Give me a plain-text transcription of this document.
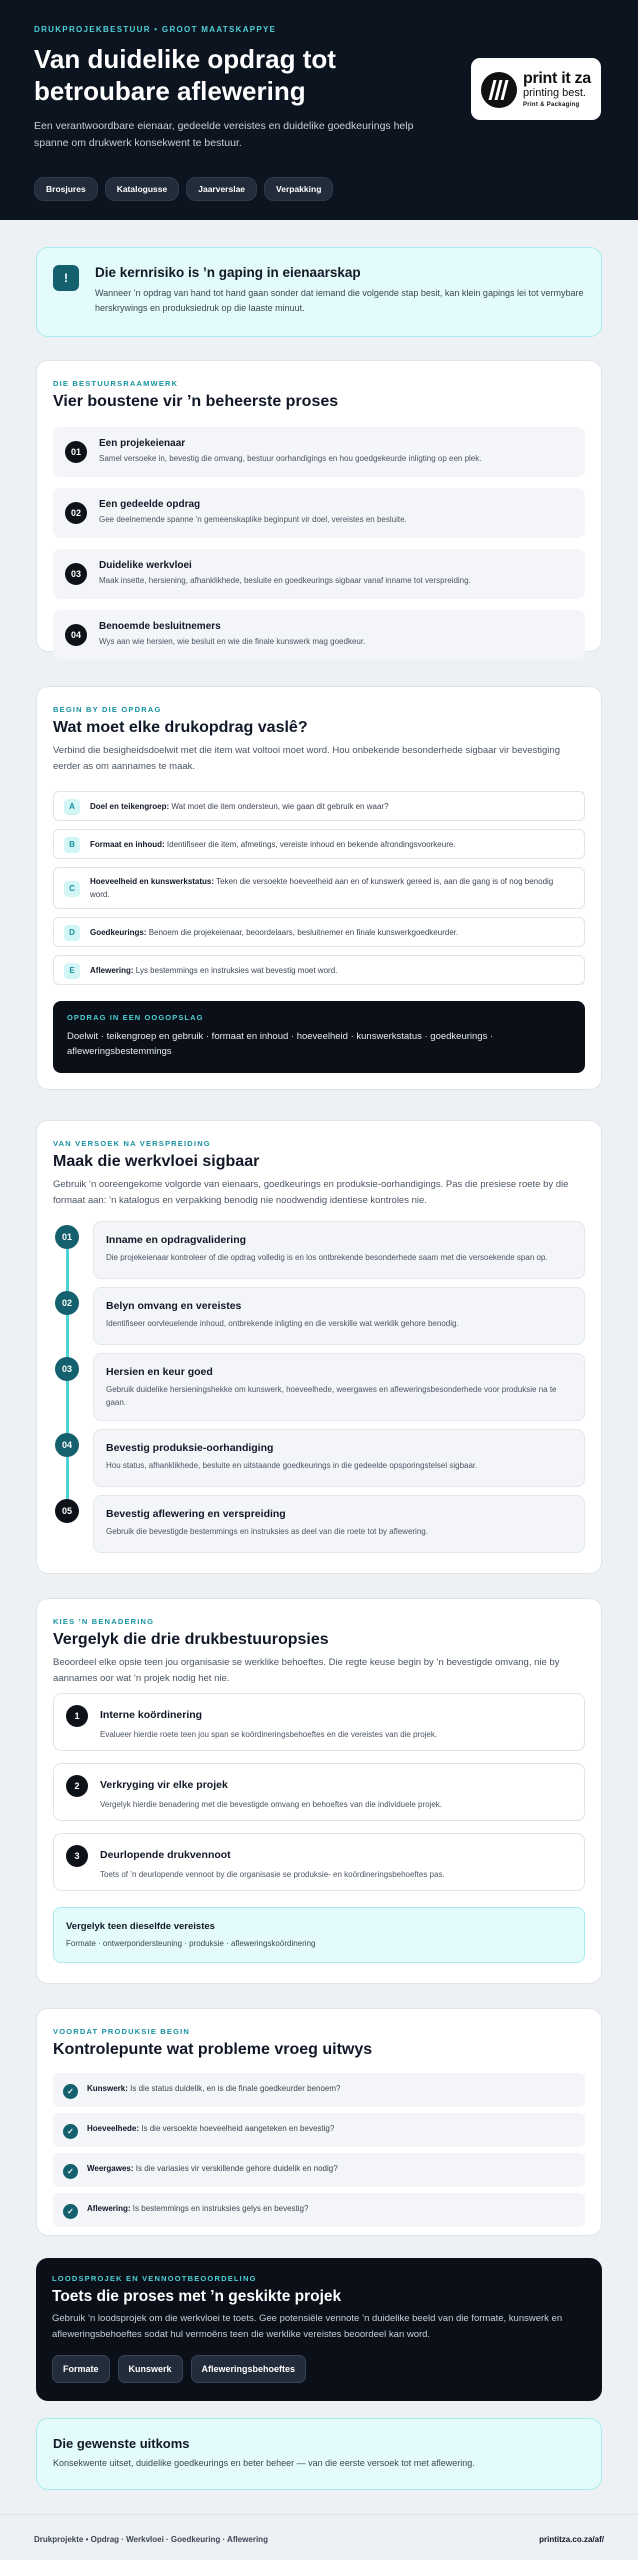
DRUKPROJEKBESTUUR • GROOT MAATSKAPPYE
Van duidelike opdrag tot betroubare aflewering
Een verantwoordbare eienaar, gedeelde vereistes en duidelike goedkeurings help spanne om drukwerk konsekwent te bestuur.
Brosjures	Katalogusse	Jaarverslae	Verpakking
print it za
printing best.
Print & Packaging
!	Die kernrisiko is ’n gaping in eienaarskap
Wanneer ’n opdrag van hand tot hand gaan sonder dat iemand die volgende stap besit, kan klein gapings lei tot vermybare herskrywings en produksiedruk op die laaste minuut.
DIE BESTUURSRAAMWERK
Vier boustene vir ’n beheerste proses
01
Een projekeienaar
Samel versoeke in, bevestig die omvang, bestuur oorhandigings en hou goedgekeurde inligting op een plek.
02
Een gedeelde opdrag
Gee deelnemende spanne ’n gemeenskaplike beginpunt vir doel, vereistes en besluite.
03
Duidelike werkvloei
Maak insette, hersiening, afhanklikhede, besluite en goedkeurings sigbaar vanaf inname tot verspreiding.
04
Benoemde besluitnemers
Wys aan wie hersien, wie besluit en wie die finale kunswerk mag goedkeur.
BEGIN BY DIE OPDRAG
Wat moet elke drukopdrag vaslê?
Verbind die besigheidsdoelwit met die item wat voltooi moet word. Hou onbekende besonderhede sigbaar vir bevestiging eerder as om aannames te maak.
A	Doel en teikengroep: Wat moet die item ondersteun, wie gaan dit gebruik en waar?
B	Formaat en inhoud: Identifiseer die item, afmetings, vereiste inhoud en bekende afrondingsvoorkeure.
C
Hoeveelheid en kunswerkstatus: Teken die versoekte hoeveelheid aan en of kunswerk gereed is, aan die gang is of nog benodig word.
D	Goedkeurings: Benoem die projekeienaar, beoordelaars, besluitnemer en finale kunswerkgoedkeurder.
E	Aflewering: Lys bestemmings en instruksies wat bevestig moet word.
OPDRAG IN EEN OOGOPSLAG
Doelwit · teikengroep en gebruik · formaat en inhoud · hoeveelheid · kunswerkstatus · goedkeurings · afleweringsbestemmings
VAN VERSOEK NA VERSPREIDING
Maak die werkvloei sigbaar
Gebruik ’n ooreengekome volgorde van eienaars, goedkeurings en produksie-oorhandigings. Pas die presiese roete by die formaat aan: ’n katalogus en verpakking benodig nie noodwendig identiese kontroles nie.
01	Inname en opdragvalidering
Die projekeienaar kontroleer of die opdrag volledig is en los ontbrekende besonderhede saam met die versoekende span op.
02	Belyn omvang en vereistes
Identifiseer oorvleuelende inhoud, ontbrekende inligting en die verskille wat werklik gehore benodig.
03	Hersien en keur goed
Gebruik duidelike hersieningshekke om kunswerk, hoeveelhede, weergawes en afleweringsbesonderhede voor produksie na te gaan.
04	Bevestig produksie-oorhandiging
Hou status, afhanklikhede, besluite en uitstaande goedkeurings in die gedeelde opsporingstelsel sigbaar.
05	Bevestig aflewering en verspreiding
Gebruik die bevestigde bestemmings en instruksies as deel van die roete tot by aflewering.
KIES ’N BENADERING
Vergelyk die drie drukbestuuropsies
Beoordeel elke opsie teen jou organisasie se werklike behoeftes. Die regte keuse begin by ’n bevestigde omvang, nie by aannames oor wat ’n projek nodig het nie.
1	Interne koördinering
Evalueer hierdie roete teen jou span se koördineringsbehoeftes en die vereistes van die projek.
2	Verkryging vir elke projek
Vergelyk hierdie benadering met die bevestigde omvang en behoeftes van die individuele projek.
3	Deurlopende drukvennoot
Toets of ’n deurlopende vennoot by die organisasie se produksie- en koördineringsbehoeftes pas.
Vergelyk teen dieselfde vereistes
Formate · ontwerpondersteuning · produksie · afleweringskoördinering
VOORDAT PRODUKSIE BEGIN
Kontrolepunte wat probleme vroeg uitwys
✓	Kunswerk: Is die status duidelik, en is die finale goedkeurder benoem?
✓	Hoeveelhede: Is die versoekte hoeveelheid aangeteken en bevestig?
✓	Weergawes: Is die variasies vir verskillende gehore duidelik en nodig?
✓	Aflewering: Is bestemmings en instruksies gelys en bevestig?
LOODSPROJEK EN VENNOOTBEOORDELING
Toets die proses met ’n geskikte projek
Gebruik ’n loodsprojek om die werkvloei te toets. Gee potensiële vennote ’n duidelike beeld van die formate, kunswerk en afleweringsbehoeftes sodat hul vermoëns teen die werklike vereistes beoordeel kan word.
Formate	Kunswerk	Afleweringsbehoeftes
Die gewenste uitkoms
Konsekwente uitset, duidelike goedkeurings en beter beheer — van die eerste versoek tot met aflewering.
Drukprojekte • Opdrag · Werkvloei · Goedkeuring · Aflewering	printitza.co.za/af/
